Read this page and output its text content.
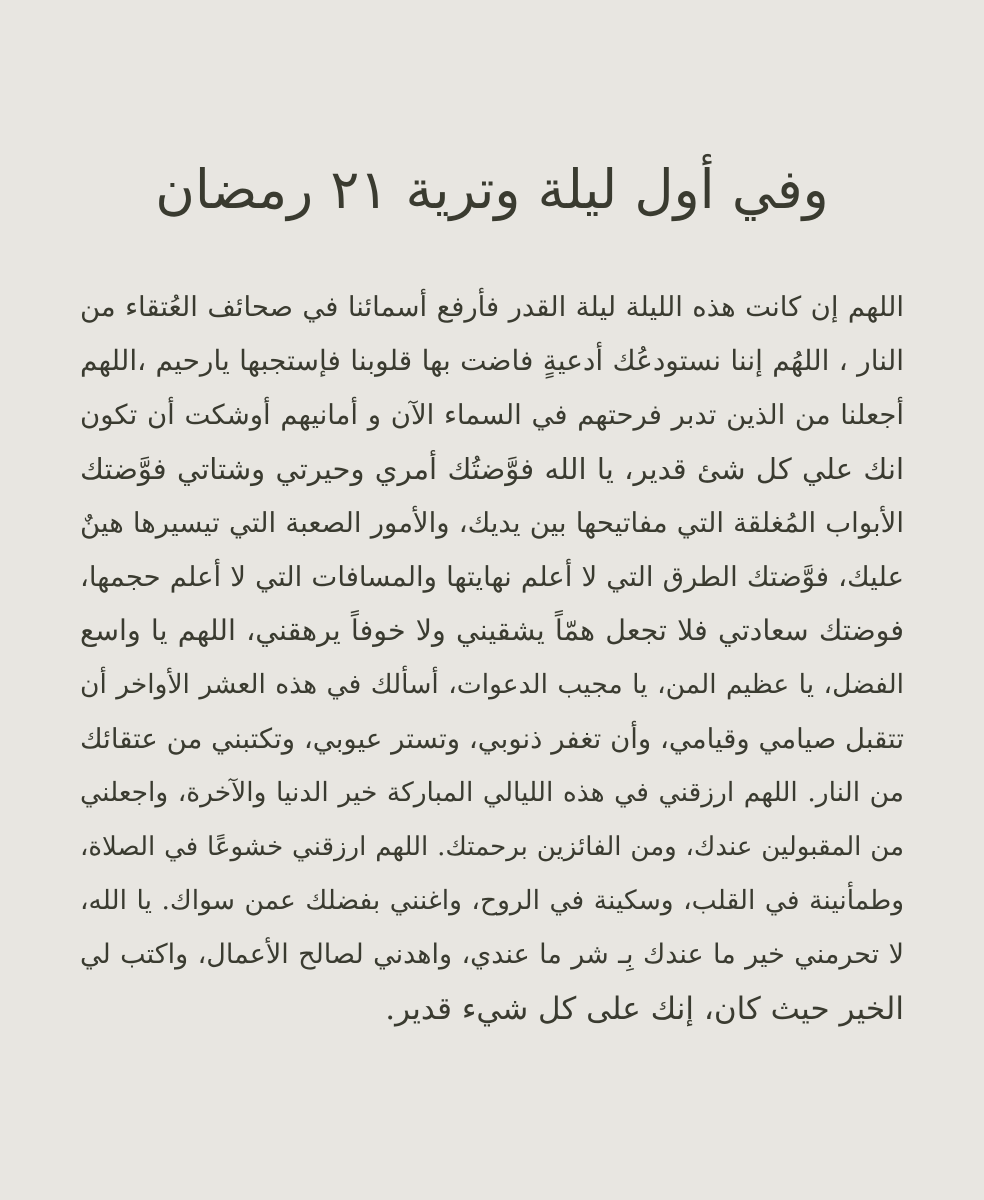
وفي أول ليلة وترية ٢١ رمضان
اللهم إن كانت هذه الليلة ليلة القدر فأرفع أسمائنا في صحائف العُتقاء من
النار ، اللهُم إننا نستودعُك أدعيةٍ فاضت بها قلوبنا فإستجبها يارحيم ،اللهم
أجعلنا من الذين تدبر فرحتهم في السماء الآن و أمانيهم أوشكت أن تكون
انك علي كل شئ قدير، يا الله فوَّضتُك أمري وحيرتي وشتاتي فوَّضتك
الأبواب المُغلقة التي مفاتيحها بين يديك، والأمور الصعبة التي تيسيرها هينٌ
عليك، فوَّضتك الطرق التي لا أعلم نهايتها والمسافات التي لا أعلم حجمها،
فوضتك سعادتي فلا تجعل همّاً يشقيني ولا خوفاً يرهقني، اللهم يا واسع
الفضل، يا عظيم المن، يا مجيب الدعوات، أسألك في هذه العشر الأواخر أن
تتقبل صيامي وقيامي، وأن تغفر ذنوبي، وتستر عيوبي، وتكتبني من عتقائك
من النار. اللهم ارزقني في هذه الليالي المباركة خير الدنيا والآخرة، واجعلني
من المقبولين عندك، ومن الفائزين برحمتك. اللهم ارزقني خشوعًا في الصلاة،
وطمأنينة في القلب، وسكينة في الروح، واغنني بفضلك عمن سواك. يا الله،
لا تحرمني خير ما عندك بِـ شر ما عندي، واهدني لصالح الأعمال، واكتب لي
الخير حيث كان، إنك على كل شيء قدير.
